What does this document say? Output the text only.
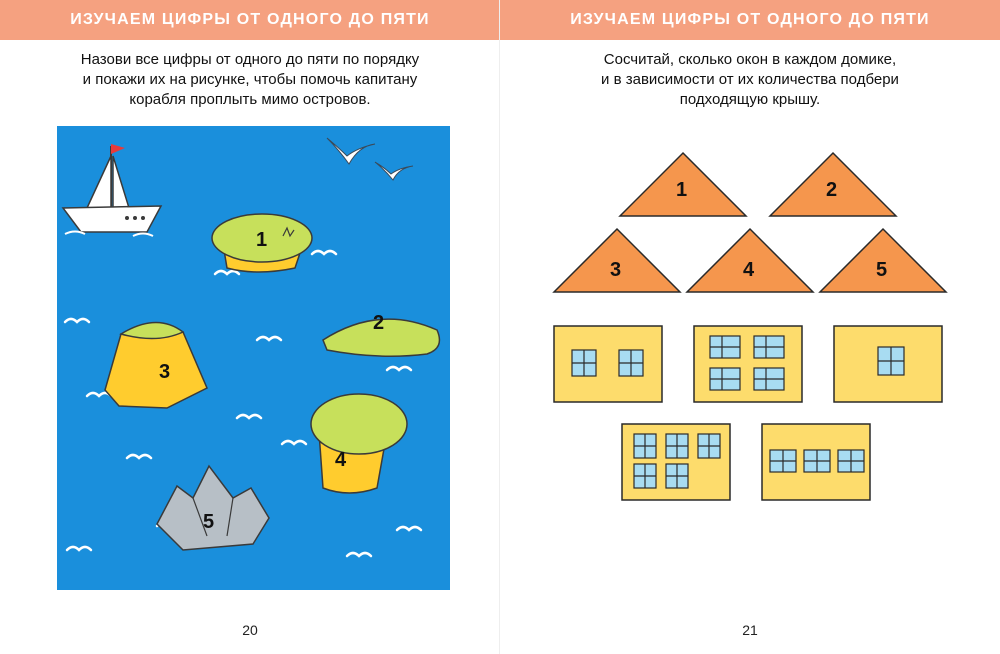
ИЗУЧАЕМ ЦИФРЫ ОТ ОДНОГО ДО ПЯТИ
Назови все цифры от одного до пяти по порядку
и покажи их на рисунке, чтобы помочь капитану
корабля проплыть мимо островов.
1
2
3
4
5
20
ИЗУЧАЕМ ЦИФРЫ ОТ ОДНОГО ДО ПЯТИ
Сосчитай, сколько окон в каждом домике,
и в зависимости от их количества подбери
подходящую крышу.
1	2
3	4	5
21
